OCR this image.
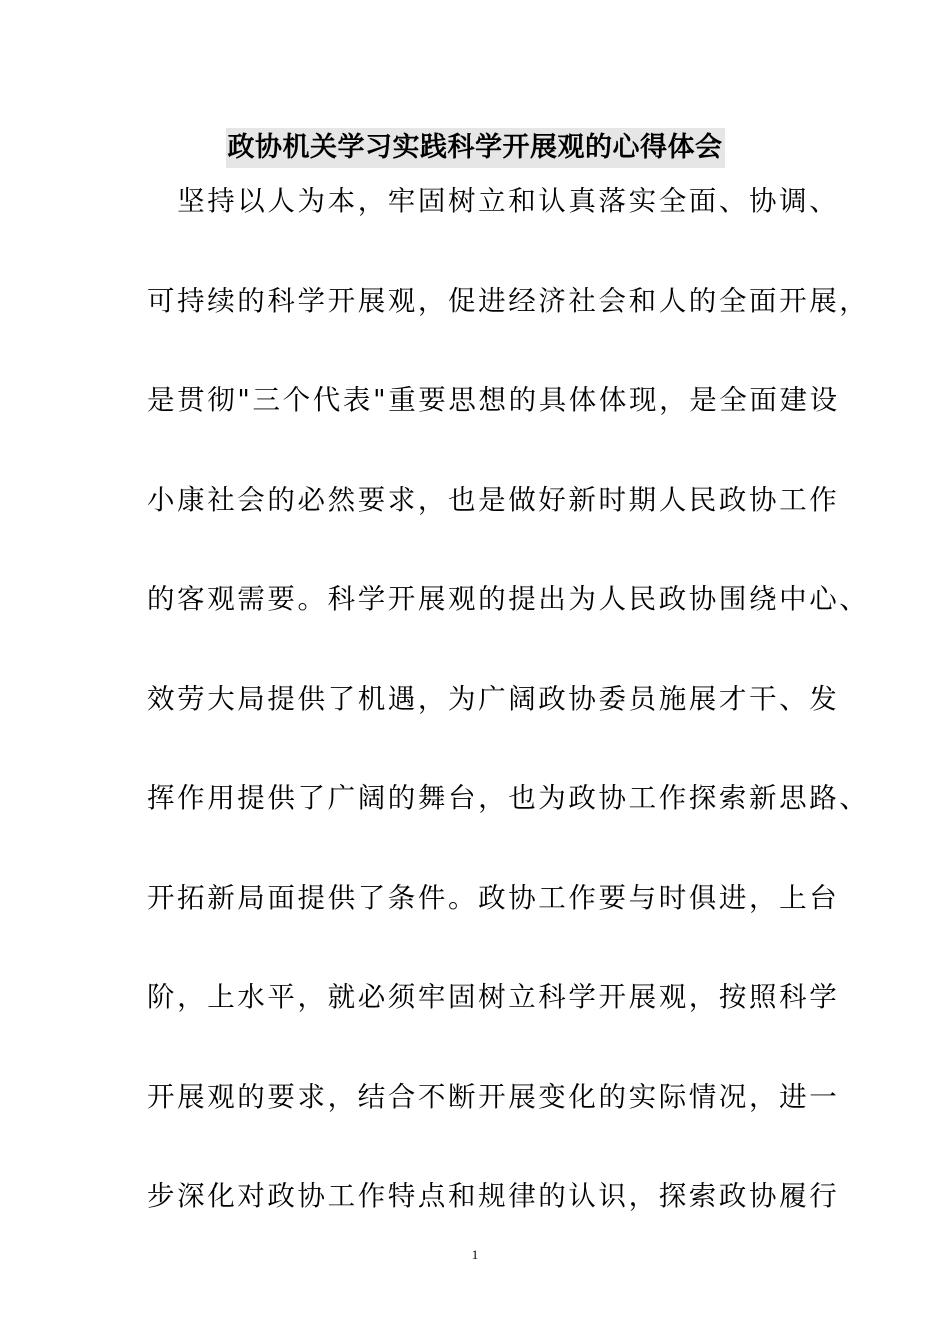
政协机关学习实践科学开展观的心得体会
　坚持以人为本，牢固树立和认真落实全面、协调、
可持续的科学开展观，促进经济社会和人的全面开展，
是贯彻"三个代表"重要思想的具体体现，是全面建设
小康社会的必然要求，也是做好新时期人民政协工作
的客观需要。科学开展观的提出为人民政协围绕中心、
效劳大局提供了机遇，为广阔政协委员施展才干、发
挥作用提供了广阔的舞台，也为政协工作探索新思路、
开拓新局面提供了条件。政协工作要与时俱进，上台
阶，上水平，就必须牢固树立科学开展观，按照科学
开展观的要求，结合不断开展变化的实际情况，进一
步深化对政协工作特点和规律的认识，探索政协履行
1
